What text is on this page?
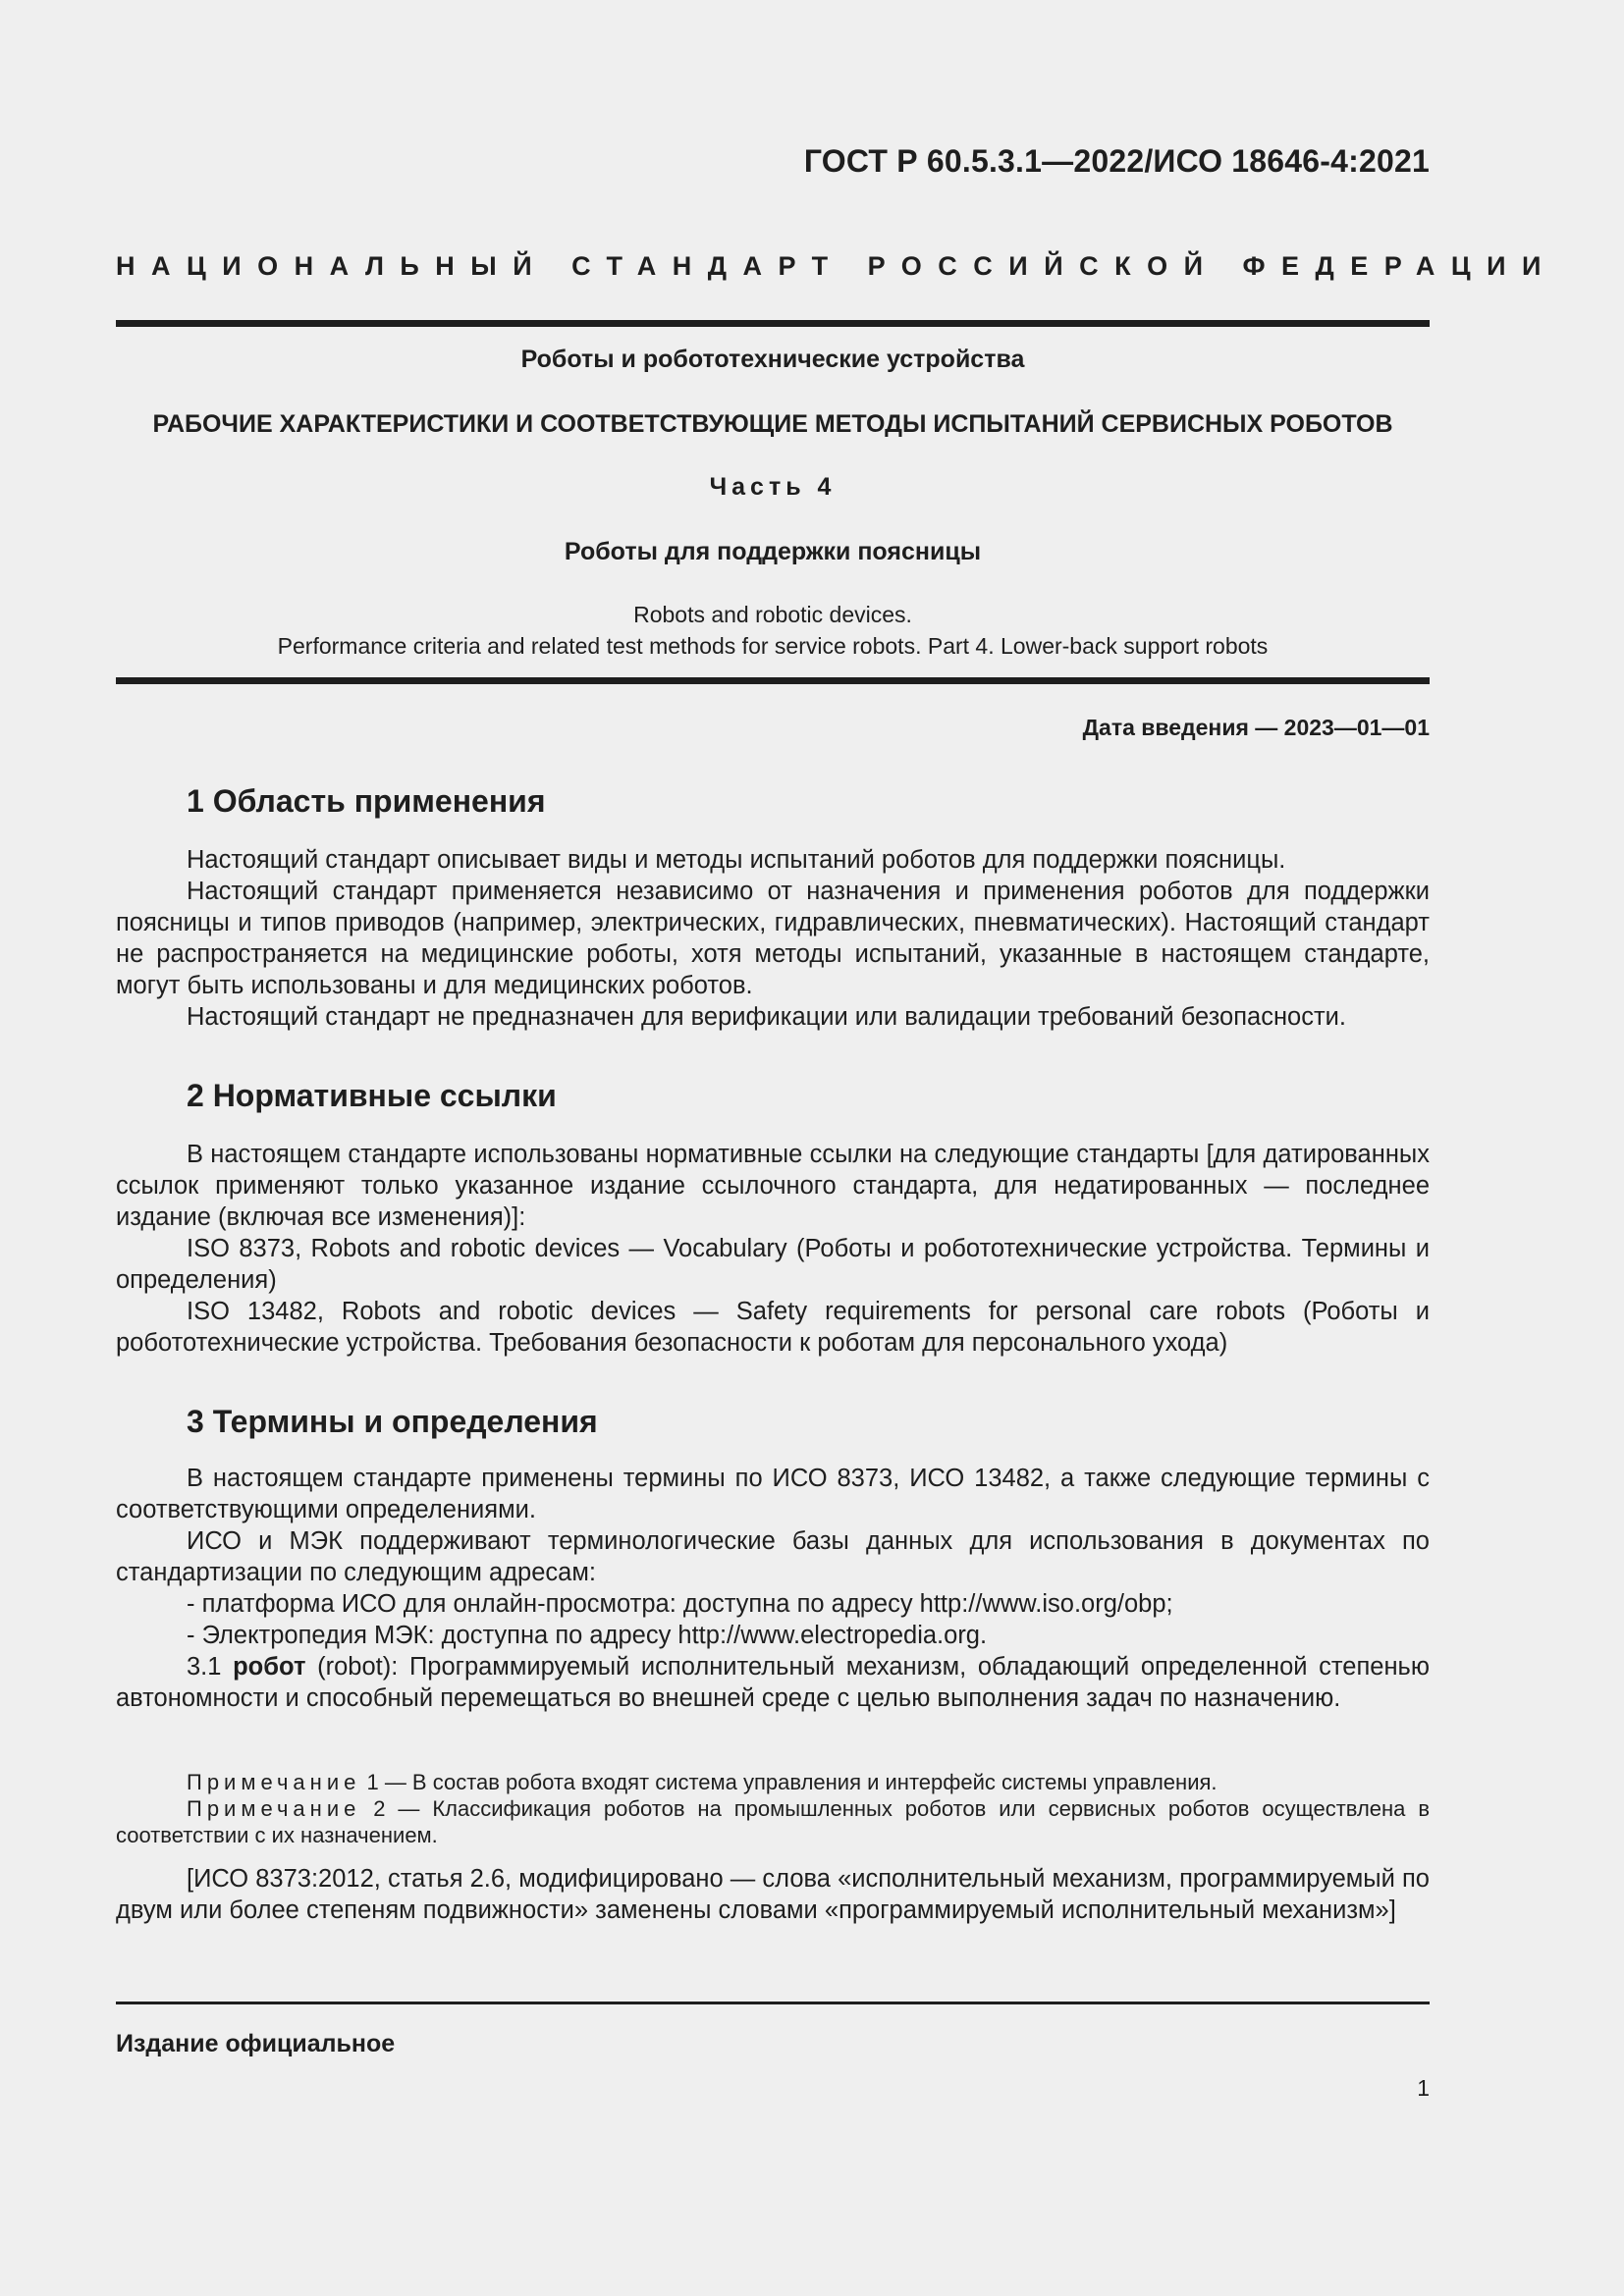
ГОСТ Р 60.5.3.1—2022/ИСО 18646-4:2021
НАЦИОНАЛЬНЫЙ СТАНДАРТ РОССИЙСКОЙ ФЕДЕРАЦИИ
Роботы и робототехнические устройства
РАБОЧИЕ ХАРАКТЕРИСТИКИ И СООТВЕТСТВУЮЩИЕ МЕТОДЫ ИСПЫТАНИЙ СЕРВИСНЫХ РОБОТОВ
Часть 4
Роботы для поддержки поясницы
Robots and robotic devices.
Performance criteria and related test methods for service robots. Part 4. Lower-back support robots
Дата введения — 2023—01—01
1 Область применения

Настоящий стандарт описывает виды и методы испытаний роботов для поддержки поясницы.

Настоящий стандарт применяется независимо от назначения и применения роботов для поддержки поясницы и типов приводов (например, электрических, гидравлических, пневматических). Настоящий стандарт не распространяется на медицинские роботы, хотя методы испытаний, указанные в настоящем стандарте, могут быть использованы и для медицинских роботов.

Настоящий стандарт не предназначен для верификации или валидации требований безопасности.

2 Нормативные ссылки

В настоящем стандарте использованы нормативные ссылки на следующие стандарты [для датированных ссылок применяют только указанное издание ссылочного стандарта, для недатированных — последнее издание (включая все изменения)]:

ISO 8373, Robots and robotic devices — Vocabulary (Роботы и робототехнические устройства. Термины и определения)

ISO 13482, Robots and robotic devices — Safety requirements for personal care robots (Роботы и робототехнические устройства. Требования безопасности к роботам для персонального ухода)

3 Термины и определения

В настоящем стандарте применены термины по ИСО 8373, ИСО 13482, а также следующие термины с соответствующими определениями.

ИСО и МЭК поддерживают терминологические базы данных для использования в документах по стандартизации по следующим адресам:

- платформа ИСО для онлайн-просмотра: доступна по адресу http://www.iso.org/obp;

- Электропедия МЭК: доступна по адресу http://www.electropedia.org.

3.1 робот (robot): Программируемый исполнительный механизм, обладающий определенной степенью автономности и способный перемещаться во внешней среде с целью выполнения задач по назначению.

Примечание 1 — В состав робота входят система управления и интерфейс системы управления.

Примечание 2 — Классификация роботов на промышленных роботов или сервисных роботов осуществлена в соответствии с их назначением.

[ИСО 8373:2012, статья 2.6, модифицировано — слова «исполнительный механизм, программируемый по двум или более степеням подвижности» заменены словами «программируемый исполнительный механизм»]

Издание официальное
1
